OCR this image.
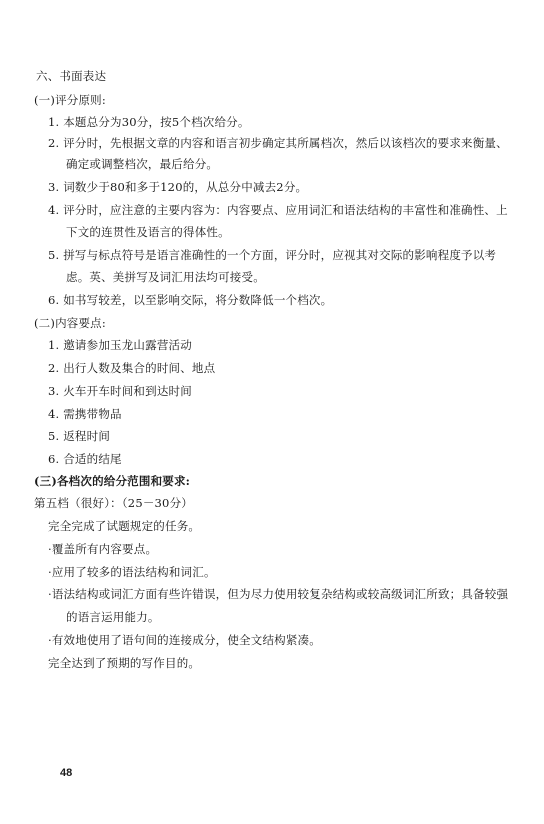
六、书面表达
(一)评分原则:
1. 本题总分为30分，按5个档次给分。
2. 评分时，先根据文章的内容和语言初步确定其所属档次，然后以该档次的要求来衡量、
确定或调整档次，最后给分。
3. 词数少于80和多于120的，从总分中减去2分。
4. 评分时，应注意的主要内容为：内容要点、应用词汇和语法结构的丰富性和准确性、上
下文的连贯性及语言的得体性。
5. 拼写与标点符号是语言准确性的一个方面，评分时，应视其对交际的影响程度予以考
虑。英、美拼写及词汇用法均可接受。
6. 如书写较差，以至影响交际，将分数降低一个档次。
(二)内容要点:
1. 邀请参加玉龙山露营活动
2. 出行人数及集合的时间、地点
3. 火车开车时间和到达时间
4. 需携带物品
5. 返程时间
6. 合适的结尾
(三)各档次的给分范围和要求:
第五档（很好）：（25－30分）
完全完成了试题规定的任务。
·覆盖所有内容要点。
·应用了较多的语法结构和词汇。
·语法结构或词汇方面有些许错误，但为尽力使用较复杂结构或较高级词汇所致；具备较强
的语言运用能力。
·有效地使用了语句间的连接成分，使全文结构紧凑。
完全达到了预期的写作目的。
48
